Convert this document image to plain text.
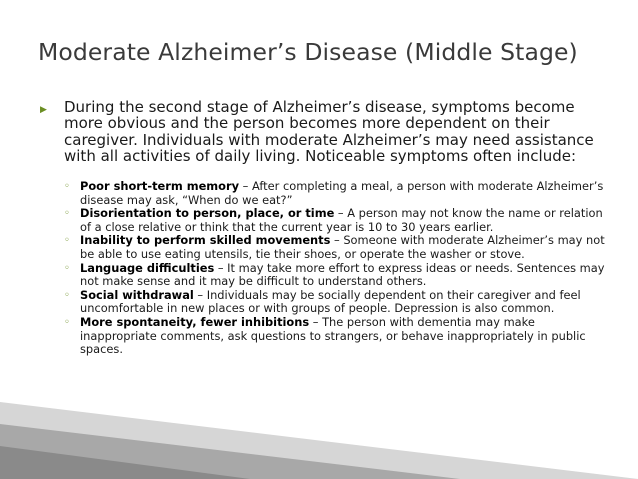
Moderate Alzheimer’s Disease (Middle Stage)
▶ During the second stage of Alzheimer’s disease, symptoms become more obvious and the person becomes more dependent on their caregiver. Individuals with moderate Alzheimer’s may need assistance with all activities of daily living. Noticeable symptoms often include:

◦ Poor short-term memory – After completing a meal, a person with moderate Alzheimer’s disease may ask, “When do we eat?”
◦ Disorientation to person, place, or time – A person may not know the name or relation of a close relative or think that the current year is 10 to 30 years earlier.
◦ Inability to perform skilled movements – Someone with moderate Alzheimer’s may not be able to use eating utensils, tie their shoes, or operate the washer or stove.
◦ Language difficulties – It may take more effort to express ideas or needs. Sentences may not make sense and it may be difficult to understand others.
◦ Social withdrawal – Individuals may be socially dependent on their caregiver and feel uncomfortable in new places or with groups of people. Depression is also common.
◦ More spontaneity, fewer inhibitions – The person with dementia may make inappropriate comments, ask questions to strangers, or behave inappropriately in public spaces.
